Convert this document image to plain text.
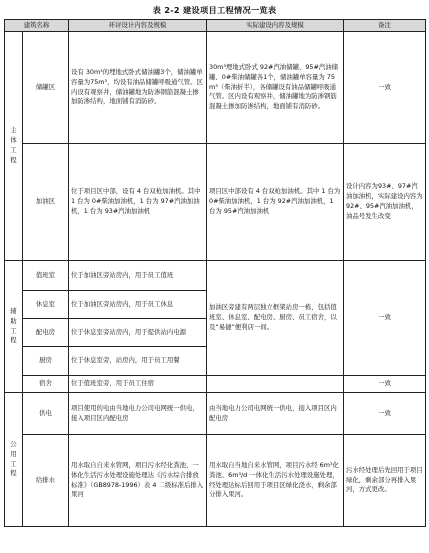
表 2-2 建设项目工程情况一览表
建筑名称		环评设计内容及规模	实际建设内容及规模	备注

主体工程	储罐区	设有 30m³的埋地式卧式储油罐3个，储油罐单容量为75m³，均设有油品储罐呼吸通气管。区内设有观察井，储油罐地为防渗钢筋混凝土掺加防渗结构，地面铺有消防砂。	30m³埋地式卧式 92#汽油储罐、95#汽油储罐、0#柴油储罐各1个，储油罐单容量为 75m³（柴油折半），各储罐设有油品储罐呼吸通气管。区内设有观察井，储油罐地为防渗钢筋混凝土掺加防渗结构，地面铺有消防砂。	一致
	加油区	位于项目区中部，设有 4 台双枪加油机。其中 1 台为 0#柴油加油机，1 台为 97#汽油加油机，1 台为 93#汽油加油机	项目区中部设有 4 台双枪加油机。其中 1 台为 0#柴油加油机，1 台为 92#汽油加油机，1 台为 95#汽油加油机	设计内容为93#、97#汽油加油机，实际建设内容为 92#、95#汽油加油机，油品号发生改变

辅助工程	值班室	位于加油区旁站房内，用于员工值班	加油区旁建有两层独立框架站房一栋，包括值班室、休息室、配电房、厨房、员工宿舍，以及“易捷”便利店一间。	一致
	休息室	位于加油区旁站房内，用于员工休息		
	配电房	位于休息室旁站房内，用于提供站内电源		
	厨房	位于休息室旁，站房内，用于员工用餐		
	宿舍	位于值班室旁，用于员工住宿		一致

公用工程	供电	项目使用的电由当地电力公司电网统一供电，接入项目区内配电房	由当地电力公司电网统一供电，接入项目区内配电房	一致
	给排水	用水取自自来水管网，项目污水经化粪池、一体化生活污水处理设施处理达《污水综合排放标准》（GB8978-1996）表 4 二级标准后排入果河	用水取自当地自来水管网，项目污水经 6m³化粪池、6m³/d 一体化生活污水处理设施处理，经处理达标后回用于项目区绿化浇水，剩余部分排入果河。	污水经处理后先回用于项目绿化，剩余部分再排入果河，方式更改。
